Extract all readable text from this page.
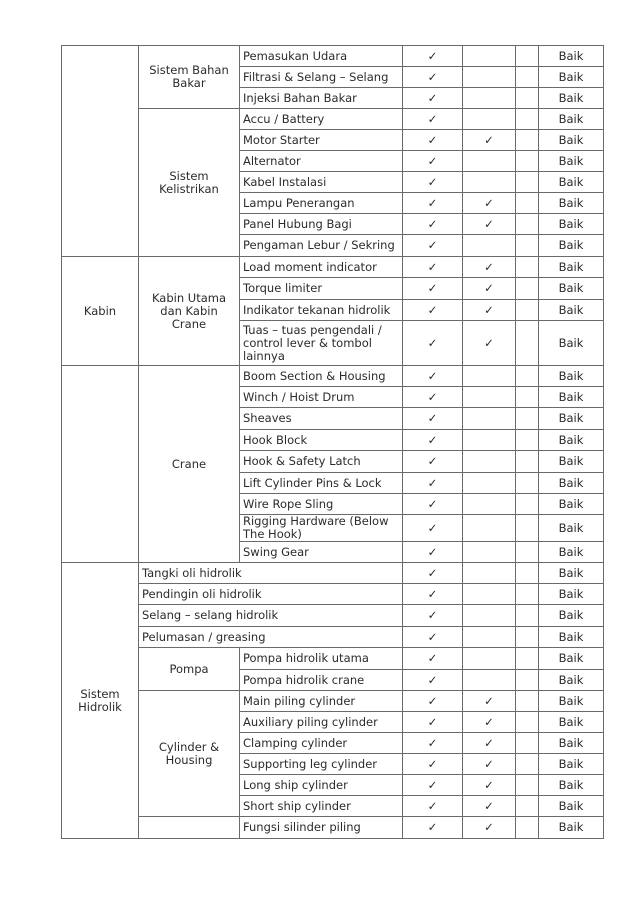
	Sistem Bahan Bakar	Pemasukan Udara	✓			Baik
		Filtrasi & Selang – Selang	✓			Baik
		Injeksi Bahan Bakar	✓			Baik
	Sistem Kelistrikan	Accu / Battery	✓			Baik
		Motor Starter	✓	✓		Baik
		Alternator	✓			Baik
		Kabel Instalasi	✓			Baik
		Lampu Penerangan	✓	✓		Baik
		Panel Hubung Bagi	✓	✓		Baik
		Pengaman Lebur / Sekring	✓			Baik
Kabin	Kabin Utama dan Kabin Crane	Load moment indicator	✓	✓		Baik
		Torque limiter	✓	✓		Baik
		Indikator tekanan hidrolik	✓	✓		Baik
		Tuas – tuas pengendali / control lever & tombol lainnya	✓	✓		Baik
	Crane	Boom Section & Housing	✓			Baik
		Winch / Hoist Drum	✓			Baik
		Sheaves	✓			Baik
		Hook Block	✓			Baik
		Hook & Safety Latch	✓			Baik
		Lift Cylinder Pins & Lock	✓			Baik
		Wire Rope Sling	✓			Baik
		Rigging Hardware (Below The Hook)	✓			Baik
		Swing Gear	✓			Baik
Sistem Hidrolik	Tangki oli hidrolik		✓			Baik
	Pendingin oli hidrolik		✓			Baik
	Selang – selang hidrolik		✓			Baik
	Pelumasan / greasing		✓			Baik
	Pompa	Pompa hidrolik utama	✓			Baik
		Pompa hidrolik crane	✓			Baik
	Cylinder & Housing	Main piling cylinder	✓	✓		Baik
		Auxiliary piling cylinder	✓	✓		Baik
		Clamping cylinder	✓	✓		Baik
		Supporting leg cylinder	✓	✓		Baik
		Long ship cylinder	✓	✓		Baik
		Short ship cylinder	✓	✓		Baik
		Fungsi silinder piling	✓	✓		Baik
